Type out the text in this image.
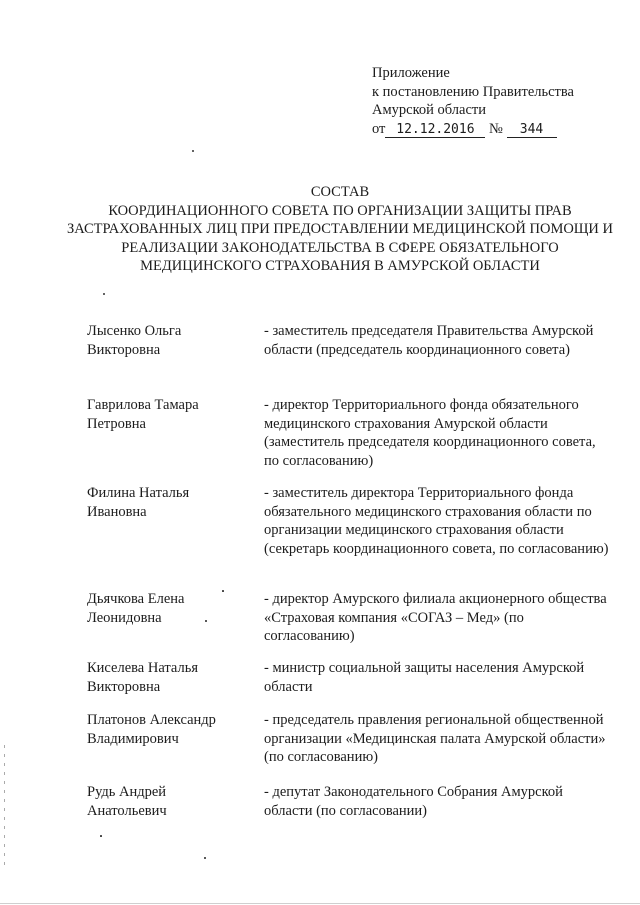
Приложение
к постановлению Правительства
Амурской области
от 12.12.2016 № 344
СОСТАВ
КООРДИНАЦИОННОГО СОВЕТА ПО ОРГАНИЗАЦИИ ЗАЩИТЫ ПРАВ ЗАСТРАХОВАННЫХ ЛИЦ ПРИ ПРЕДОСТАВЛЕНИИ МЕДИЦИНСКОЙ ПОМОЩИ И РЕАЛИЗАЦИИ ЗАКОНОДАТЕЛЬСТВА В СФЕРЕ ОБЯЗАТЕЛЬНОГО МЕДИЦИНСКОГО СТРАХОВАНИЯ В АМУРСКОЙ ОБЛАСТИ
Лысенко Ольга
Викторовна
- заместитель председателя Правительства Амурской области (председатель координационного совета)
Гаврилова Тамара
Петровна
- директор Территориального фонда обязательного медицинского страхования Амурской области (заместитель председателя координационного совета, по согласованию)
Филина Наталья
Ивановна
- заместитель директора Территориального фонда обязательного медицинского страхования области по организации медицинского страхования области (секретарь координационного совета, по согласованию)
Дьячкова Елена
Леонидовна
- директор Амурского филиала акционерного общества «Страховая компания «СОГАЗ – Мед» (по согласованию)
Киселева Наталья
Викторовна
- министр социальной защиты населения Амурской области
Платонов Александр
Владимирович
- председатель правления региональной общественной организации «Медицинская палата Амурской области» (по согласованию)
Рудь Андрей
Анатольевич
- депутат Законодательного Собрания Амурской области (по согласовании)
